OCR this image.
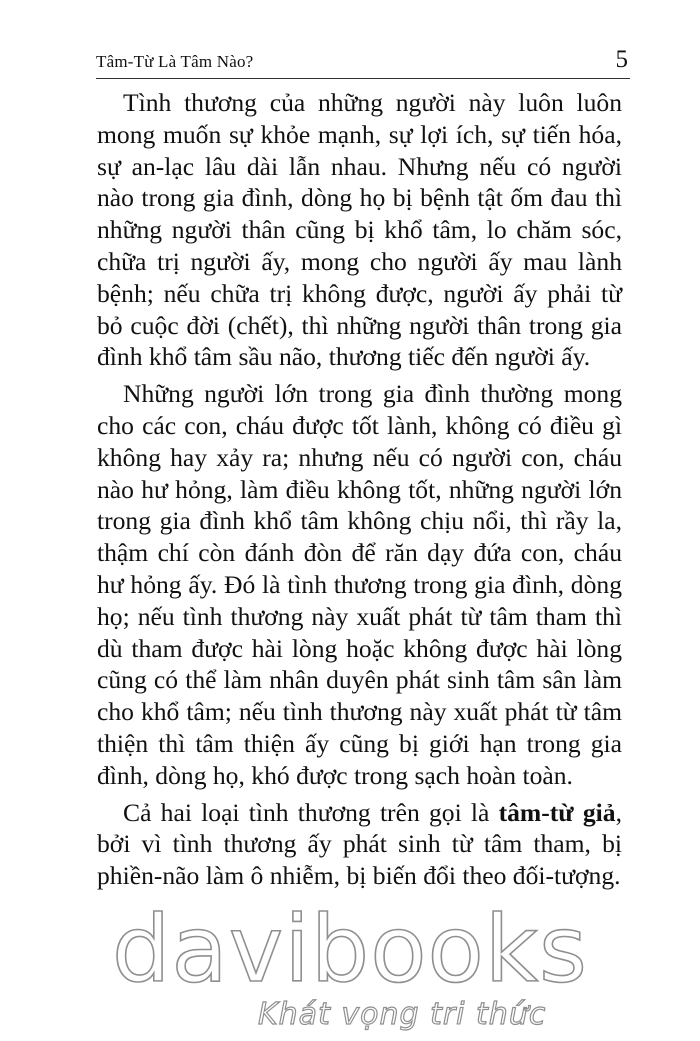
Tâm-Từ Là Tâm Nào?	5

Tình thương của những người này luôn luôn mong muốn sự khỏe mạnh, sự lợi ích, sự tiến hóa, sự an-lạc lâu dài lẫn nhau. Nhưng nếu có người nào trong gia đình, dòng họ bị bệnh tật ốm đau thì những người thân cũng bị khổ tâm, lo chăm sóc, chữa trị người ấy, mong cho người ấy mau lành bệnh; nếu chữa trị không được, người ấy phải từ bỏ cuộc đời (chết), thì những người thân trong gia đình khổ tâm sầu não, thương tiếc đến người ấy.

Những người lớn trong gia đình thường mong cho các con, cháu được tốt lành, không có điều gì không hay xảy ra; nhưng nếu có người con, cháu nào hư hỏng, làm điều không tốt, những người lớn trong gia đình khổ tâm không chịu nổi, thì rầy la, thậm chí còn đánh đòn để răn dạy đứa con, cháu hư hỏng ấy. Đó là tình thương trong gia đình, dòng họ; nếu tình thương này xuất phát từ tâm tham thì dù tham được hài lòng hoặc không được hài lòng cũng có thể làm nhân duyên phát sinh tâm sân làm cho khổ tâm; nếu tình thương này xuất phát từ tâm thiện thì tâm thiện ấy cũng bị giới hạn trong gia đình, dòng họ, khó được trong sạch hoàn toàn.

Cả hai loại tình thương trên gọi là tâm-từ giả, bởi vì tình thương ấy phát sinh từ tâm tham, bị phiền-não làm ô nhiễm, bị biến đổi theo đối-tượng.

davibooks
Khát vọng tri thức
